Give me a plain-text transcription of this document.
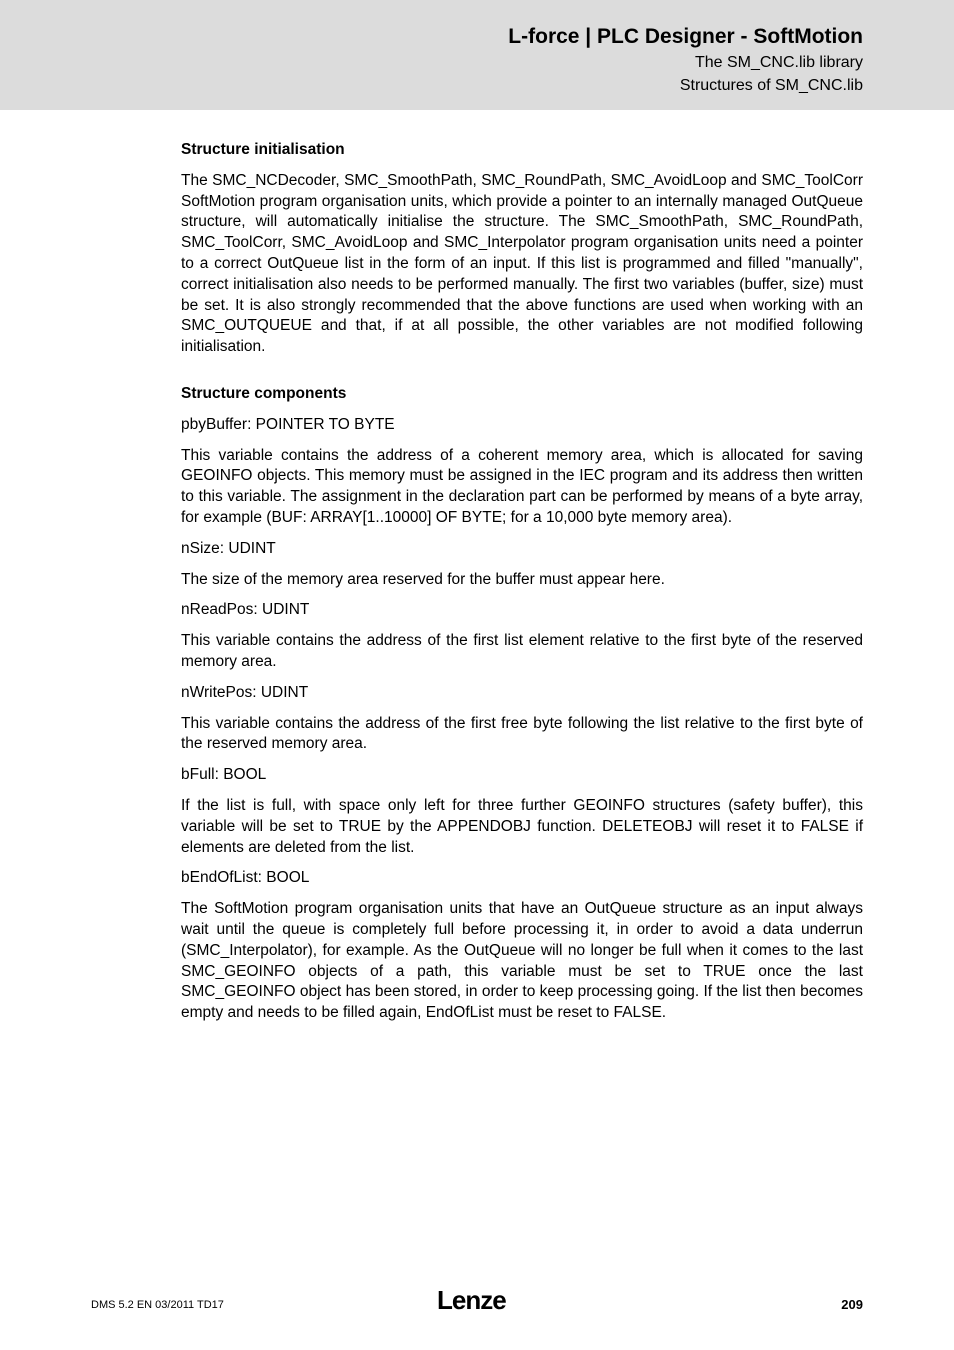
L-force | PLC Designer - SoftMotion
The SM_CNC.lib library
Structures of SM_CNC.lib
Structure initialisation

The SMC_NCDecoder, SMC_SmoothPath, SMC_RoundPath, SMC_AvoidLoop and SMC_ToolCorr SoftMotion program organisation units, which provide a pointer to an internally managed OutQueue structure, will automatically initialise the structure. The SMC_SmoothPath, SMC_RoundPath, SMC_ToolCorr, SMC_AvoidLoop and SMC_Interpolator program organisation units need a pointer to a correct OutQueue list in the form of an input. If this list is programmed and filled "manually", correct initialisation also needs to be performed manually. The first two variables (buffer, size) must be set. It is also strongly recommended that the above functions are used when working with an SMC_OUTQUEUE and that, if at all possible, the other variables are not modified following initialisation.

Structure components

pbyBuffer: POINTER TO BYTE

This variable contains the address of a coherent memory area, which is allocated for saving GEOINFO objects. This memory must be assigned in the IEC program and its address then written to this variable. The assignment in the declaration part can be performed by means of a byte array, for example (BUF: ARRAY[1..10000] OF BYTE; for a 10,000 byte memory area).

nSize: UDINT

The size of the memory area reserved for the buffer must appear here.

nReadPos: UDINT

This variable contains the address of the first list element relative to the first byte of the reserved memory area.

nWritePos: UDINT

This variable contains the address of the first free byte following the list relative to the first byte of the reserved memory area.

bFull: BOOL

If the list is full, with space only left for three further GEOINFO structures (safety buffer), this variable will be set to TRUE by the APPENDOBJ function. DELETEOBJ will reset it to FALSE if elements are deleted from the list.

bEndOfList: BOOL

The SoftMotion program organisation units that have an OutQueue structure as an input always wait until the queue is completely full before processing it, in order to avoid a data underrun (SMC_Interpolator), for example. As the OutQueue will no longer be full when it comes to the last SMC_GEOINFO objects of a path, this variable must be set to TRUE once the last SMC_GEOINFO object has been stored, in order to keep processing going. If the list then becomes empty and needs to be filled again, EndOfList must be reset to FALSE.

DMS 5.2 EN 03/2011 TD17	Lenze	209
